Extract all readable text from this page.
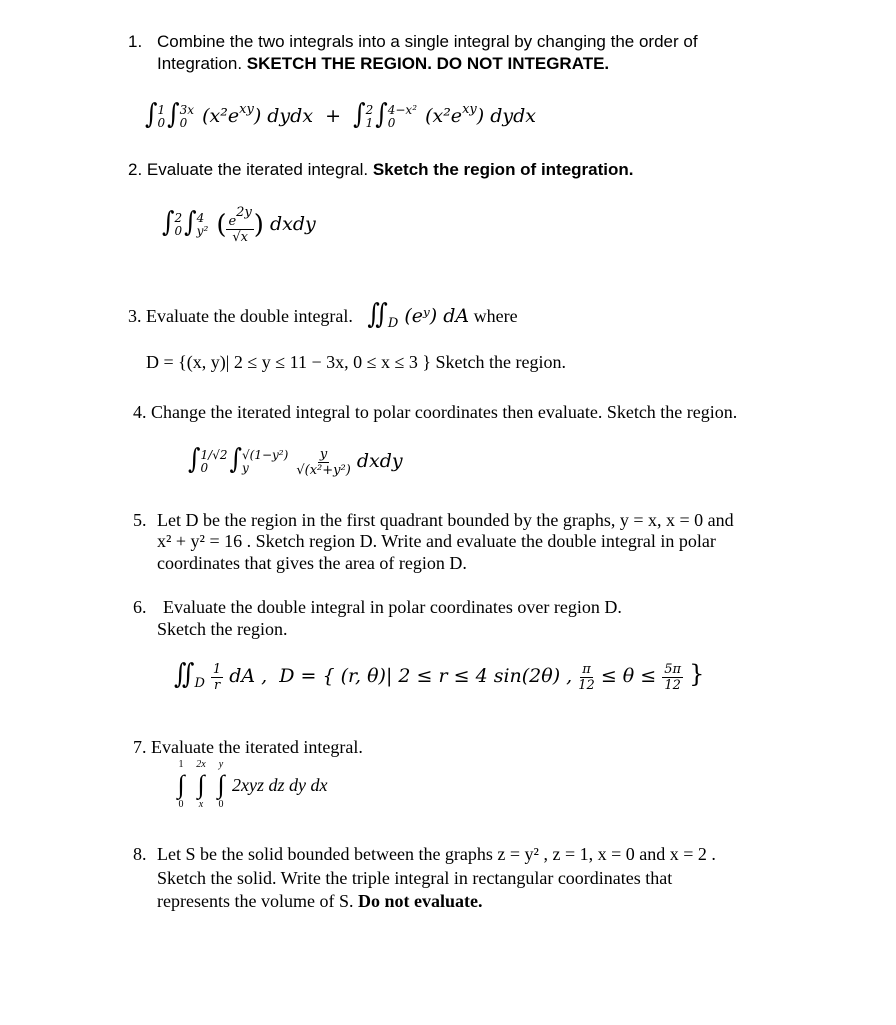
1. Combine the two integrals into a single integral by changing the order of
Integration. SKETCH THE REGION. DO NOT INTEGRATE.
∫ 1
0 ∫ 3x
0 $(x^2e^{xy})$ dydx + ∫ 2
1 ∫ 4−x²
0	$(x^2e^{xy})$ dydx
2. Evaluate the iterated integral. Sketch the region of integration.
∫ 2
0 ∫ 4
y² ( $\frac{e2y}{√x}$ ) dxdy
3. Evaluate the double integral. $∬_D$ (eʸ) dA where
D = {(x, y)| 2 ≤ y ≤ 11 − 3x, 0 ≤ x ≤ 3 } Sketch the region.
4. Change the iterated integral to polar coordinates then evaluate. Sketch the region.
∫ 1/√2
0 ∫ √(1−y²)
y
	$\frac{y}{\text{√(x²+y²)}}$ dxdy
5. Let D be the region in the first quadrant bounded by the graphs, y = x, x = 0 and
x² + y² = 16 . Sketch region D. Write and evaluate the double integral in polar
coordinates that gives the area of region D.
6. Evaluate the double integral in polar coordinates over region D.
Sketch the region.
$∬_D \frac{1}{r}$ dA , D = { (r, θ)| 2 ≤ r ≤ 4 sin(2θ) , $\frac{\pi}{12} \le \theta \le \frac{5\pi}{12}$ }
7. Evaluate the iterated integral.
1
∫
0
2x
∫
x
y
∫
0
2xyz dz dy dx
8. Let S be the solid bounded between the graphs z = y² , z = 1, x = 0 and x = 2 .
Sketch the solid. Write the triple integral in rectangular coordinates that
represents the volume of S. Do not evaluate.
